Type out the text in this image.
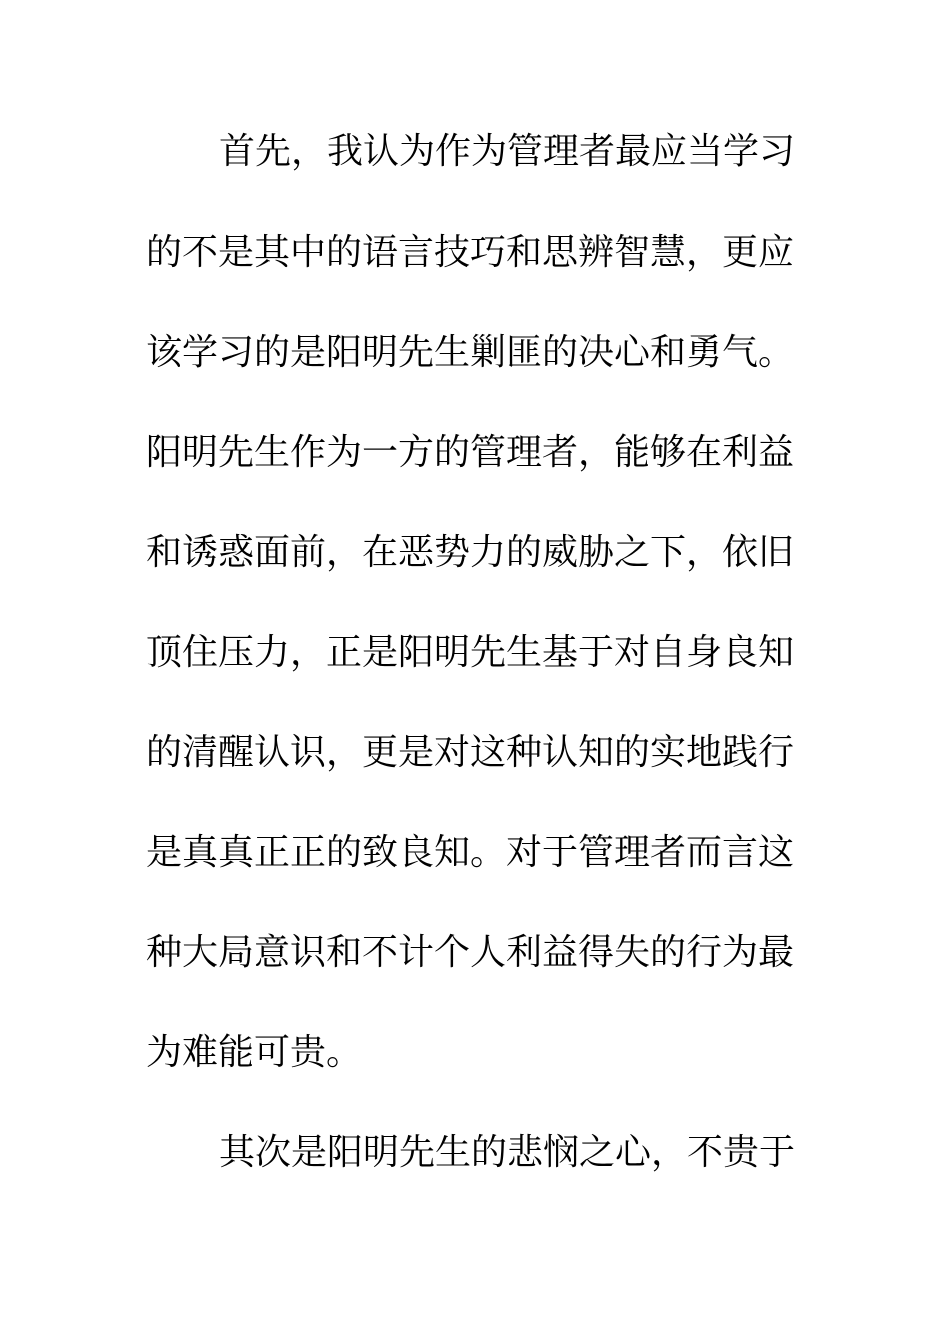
首先，我认为作为管理者最应当学习
的不是其中的语言技巧和思辨智慧，更应
该学习的是阳明先生剿匪的决心和勇气。
阳明先生作为一方的管理者，能够在利益
和诱惑面前，在恶势力的威胁之下，依旧
顶住压力，正是阳明先生基于对自身良知
的清醒认识，更是对这种认知的实地践行
是真真正正的致良知。对于管理者而言这
种大局意识和不计个人利益得失的行为最
为难能可贵。
其次是阳明先生的悲悯之心，不贵于
